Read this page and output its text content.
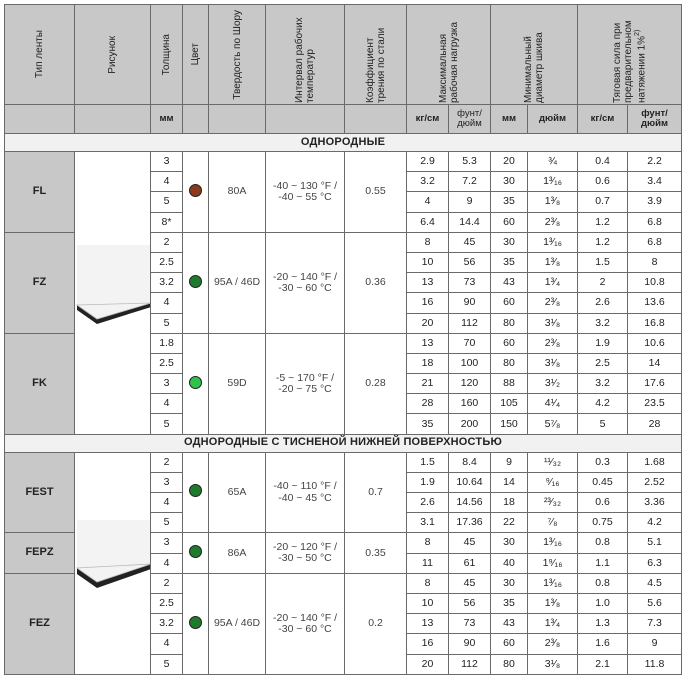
Тип ленты	Рисунок	Толщина	Цвет	Твердость по Шору	Интервал рабочих температур	Коэффициент трения по стали	Максимальная рабочая нагрузка		Минимальный диаметр шкива		Тяговая сила при предварительном натяжении 1%$^{2)}$

		мм					кг/см	фунт/дюйм	мм	дюйм	кг/см	фунт/дюйм
ОДНОРОДНЫЕ												
FL		3		80A	-40 ~ 130 °F / -40 ~ 55 °C	0.55	2.9	5.3	20	¾	0.4	2.2
		4					3.2	7.2	30	1³⁄₁₆	0.6	3.4
		5					4	9	35	1³⁄₈	0.7	3.9
		8*					6.4	14.4	60	2³⁄₈	1.2	6.8
FZ		2		95A / 46D	-20 ~ 140 °F / -30 ~ 60 °C	0.36	8	45	30	1³⁄₁₆	1.2	6.8
		2.5					10	56	35	1³⁄₈	1.5	8
		3.2					13	73	43	1³⁄₄	2	10.8
		4					16	90	60	2³⁄₈	2.6	13.6
		5					20	112	80	3¹⁄₈	3.2	16.8
FK		1.8		59D	-5 ~ 170 °F / -20 ~ 75 °C	0.28	13	70	60	2³⁄₈	1.9	10.6
		2.5					18	100	80	3¹⁄₈	2.5	14
		3					21	120	88	3¹⁄₂	3.2	17.6
		4					28	160	105	4¹⁄₄	4.2	23.5
		5					35	200	150	5⁷⁄₈	5	28
ОДНОРОДНЫЕ С ТИСНЕНОЙ НИЖНЕЙ ПОВЕРХНОСТЬЮ												
FEST		2		65A	-40 ~ 110 °F / -40 ~ 45 °C	0.7	1.5	8.4	9	¹¹⁄₃₂	0.3	1.68
		3					1.9	10.64	14	⁹⁄₁₆	0.45	2.52
		4					2.6	14.56	18	²³⁄₃₂	0.6	3.36
		5					3.1	17.36	22	⁷⁄₈	0.75	4.2
FEPZ		3		86A	-20 ~ 120 °F / -30 ~ 50 °C	0.35	8	45	30	1³⁄₁₆	0.8	5.1
		4					11	61	40	1⁹⁄₁₆	1.1	6.3
FEZ		2		95A / 46D	-20 ~ 140 °F / -30 ~ 60 °C	0.2	8	45	30	1³⁄₁₆	0.8	4.5
		2.5					10	56	35	1³⁄₈	1.0	5.6
		3.2					13	73	43	1³⁄₄	1.3	7.3
		4					16	90	60	2³⁄₈	1.6	9
		5					20	112	80	3¹⁄₈	2.1	11.8
